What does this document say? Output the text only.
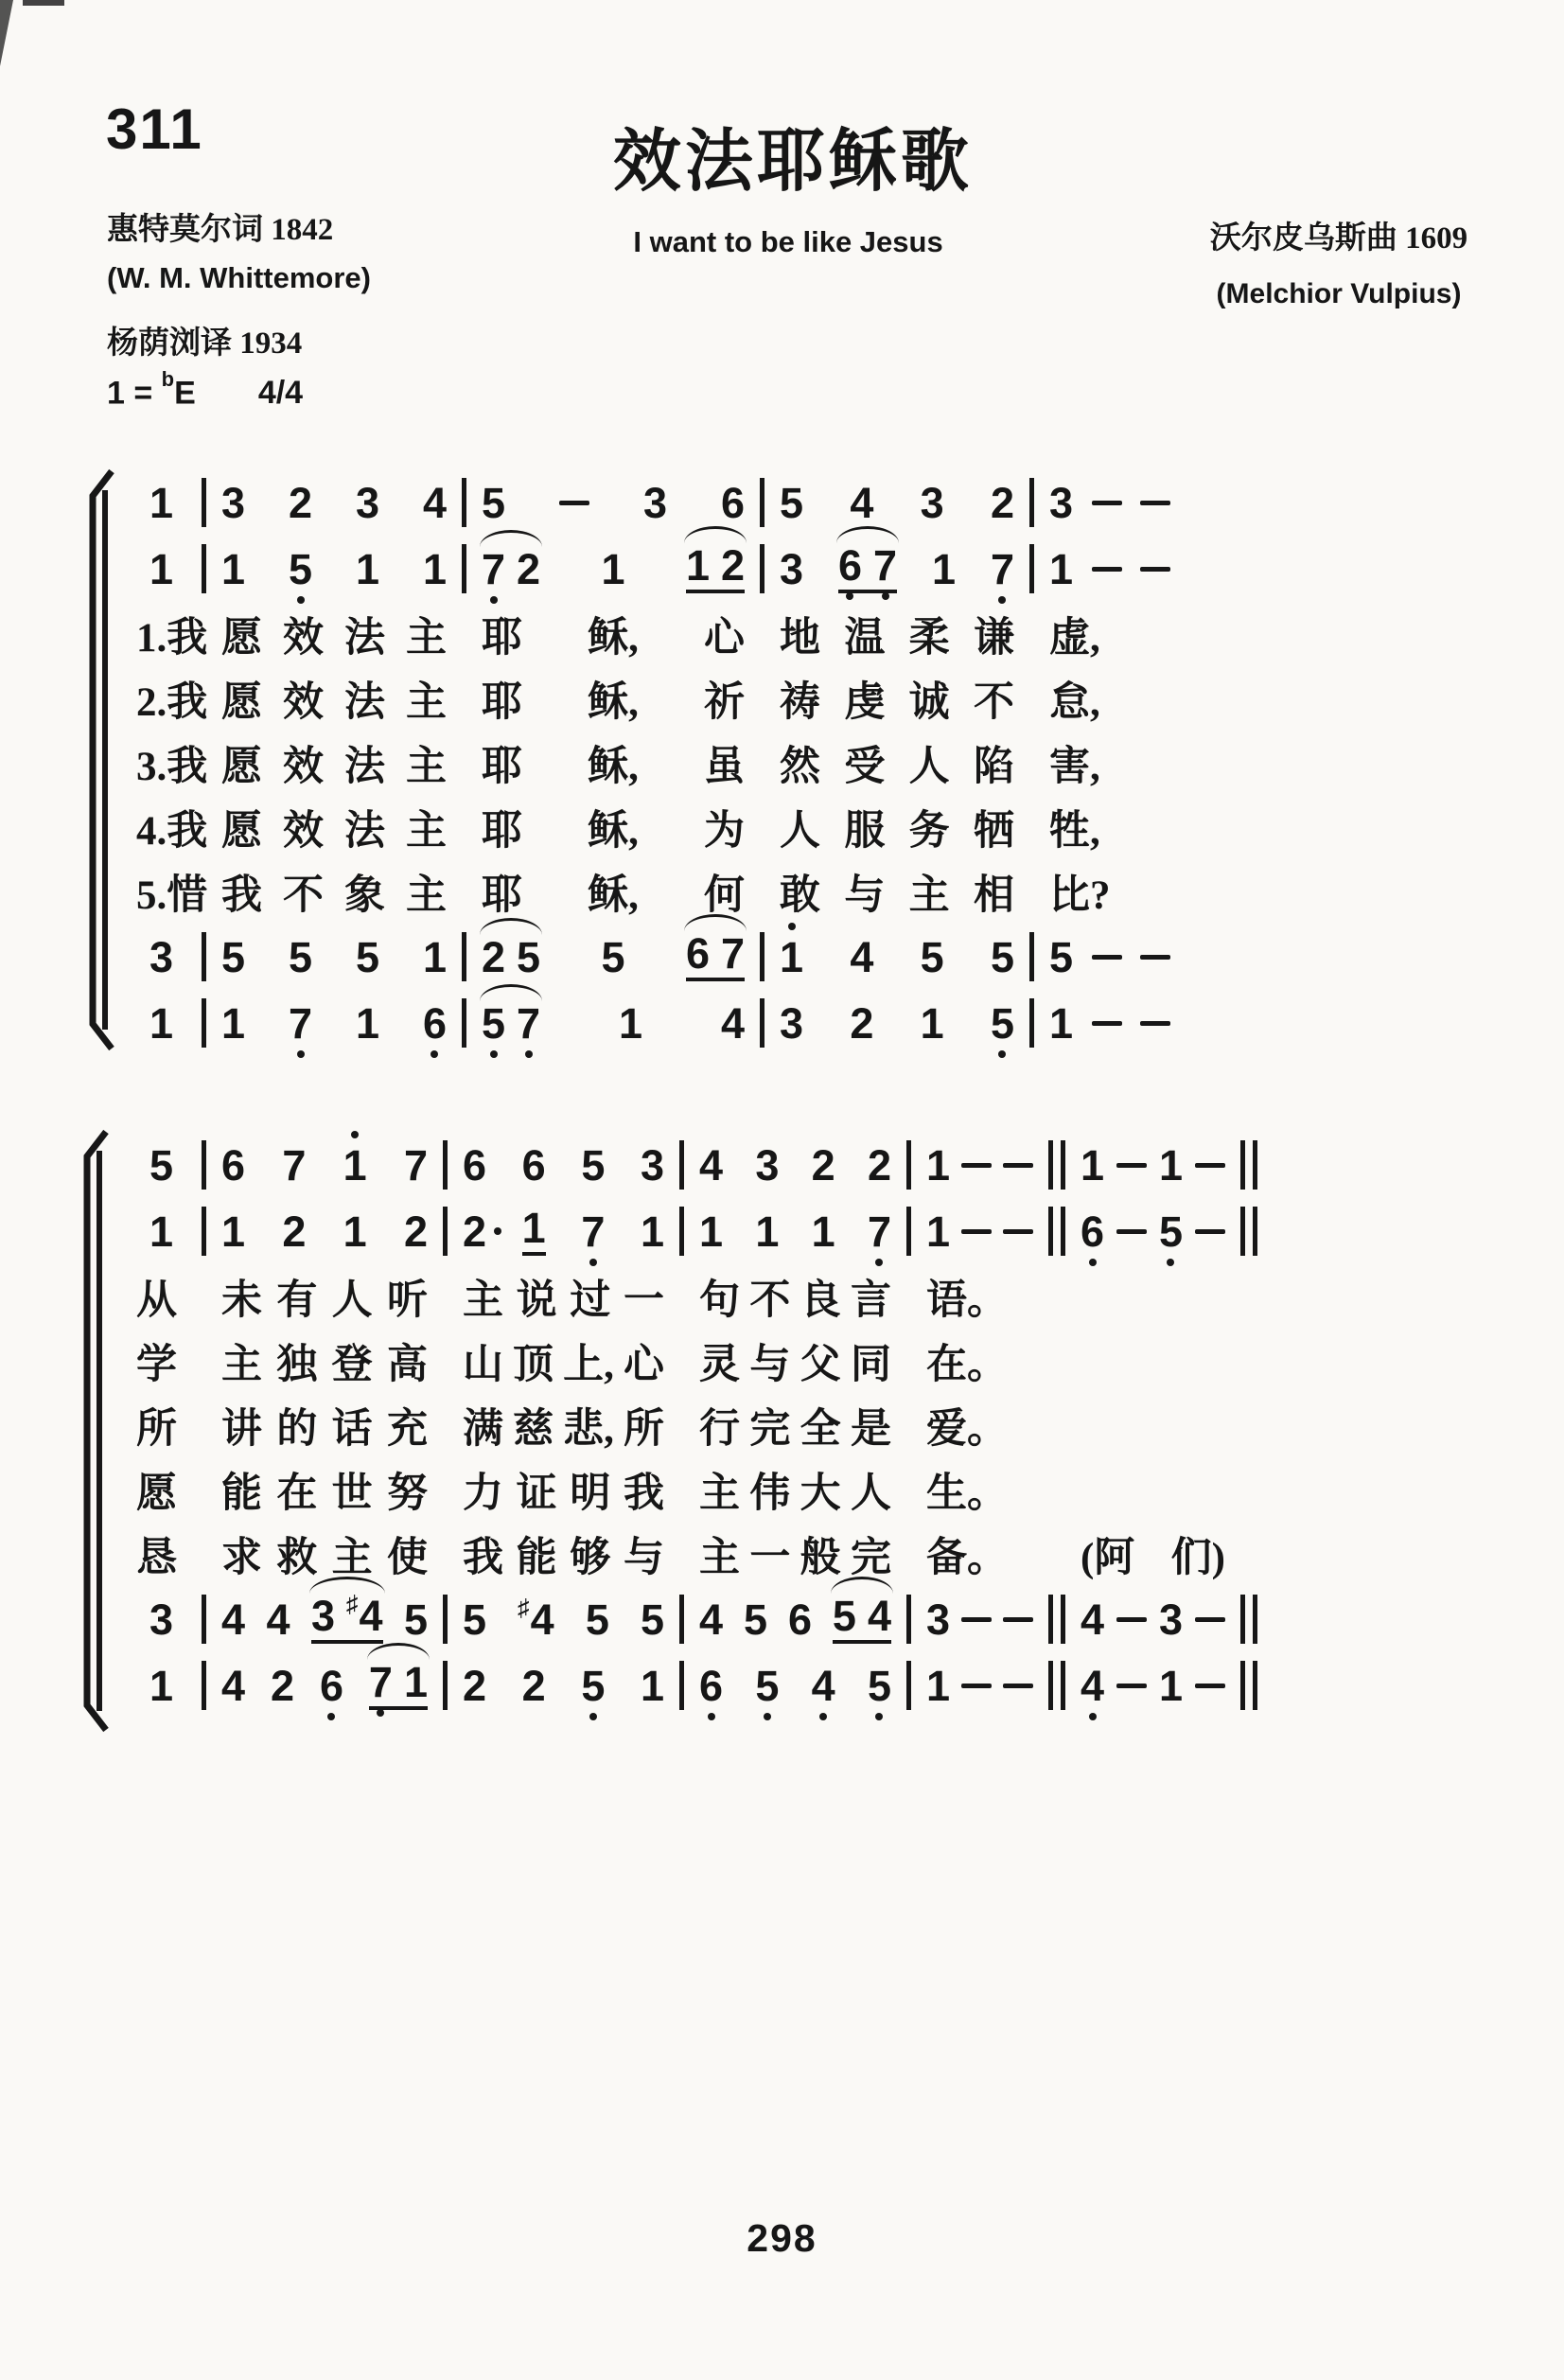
311	效法耶稣歌
I want to be like Jesus
惠特莫尔词 1842
(W. M. Whittemore)
杨荫浏译 1934
沃尔皮乌斯曲 1609
(Melchior Vulpius)
1 = $^b$E 4/4
1 3 2 3 4 5	3 6 5 4 3 2 3
1 1 5 1 1 7 2 1 1 2 3 6 7 1 7 1
1.我 愿 效 法 主 耶 稣, 心 地 温 柔 谦 虚,
2.我 愿 效 法 主 耶 稣, 祈 祷 虔 诚 不 怠,
3.我 愿 效 法 主 耶 稣, 虽 然 受 人 陷 害,
4.我 愿 效 法 主 耶 稣, 为 人 服 务 牺 牲,
5.惜 我 不 象 主 耶 稣, 何 敢 与 主 相 比?
3 5 5 5 1 2 5 5 6 7 1 4 5 5 5
1 1 7 1 6 5 7 1 4 3 2 1 5 1
5 6 7 1 7 6 6 5 3 4 3 2 2 1	1 1
1 1 2 1 2 2 1 7 1 1 1 1 7 1	6 5
从 未 有 人 听 主 说 过 一 句 不 良 言 语。
学 主 独 登 高 山 顶 上, 心 灵 与 父 同 在。
所 讲 的 话 充 满 慈 悲, 所 行 完 全 是 爱。
愿 能 在 世 努 力 证 明 我 主 伟 大 人 生。
恳 求 救 主 使 我 能 够 与 主 一 般 完 备。 (阿 们)
3 4 4 3 ♯ 4 5 5 ♯ 4 5 5 4 5 6 5 4 3	4 3
1 4 2 6 7 1 2 2 5 1 6 5 4 5 1	4 1
298
